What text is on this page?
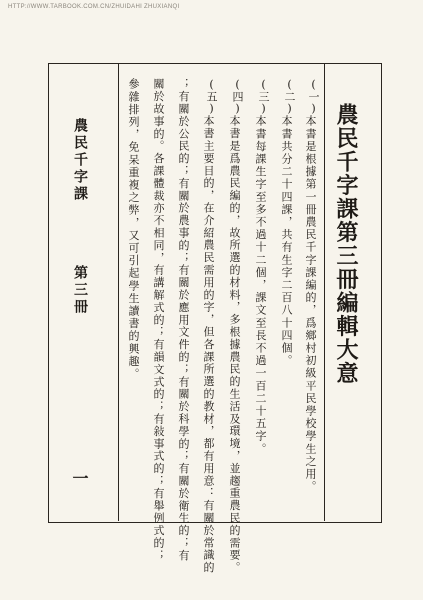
HTTP://WWW.TARBOOK.COM.CN/ZHUIDAHI ZHUXIANQI
農民千字課第三冊編輯大意
(一)
本書是根據第一冊農民千字課編的，爲鄉村初級平民學校學生之用。
(二)
本書共分二十四課，共有生字二百八十四個。
(三)
本書每課生字至多不過十二個，課文至長不過一百二十五字。
(四)
本書是爲農民編的，故所選的材料，多根據農民的生活及環境，並趨重農民的需要。
(五)
本書主要目的，在介紹農民需用的字，但各課所選的教材，都有用意：有關於常識的
；有關於公民的；有關於農事的；有關於應用文件的；有關於科學的；有關於衛生的；有
關於故事的。各課體裁亦不相同，有講解式的；有韻文式的；有敍事式的；有舉例式的；
參雜排列，免呆重複之弊，又可引起學生讀書的興趣。
農民千字課
第三冊
一
